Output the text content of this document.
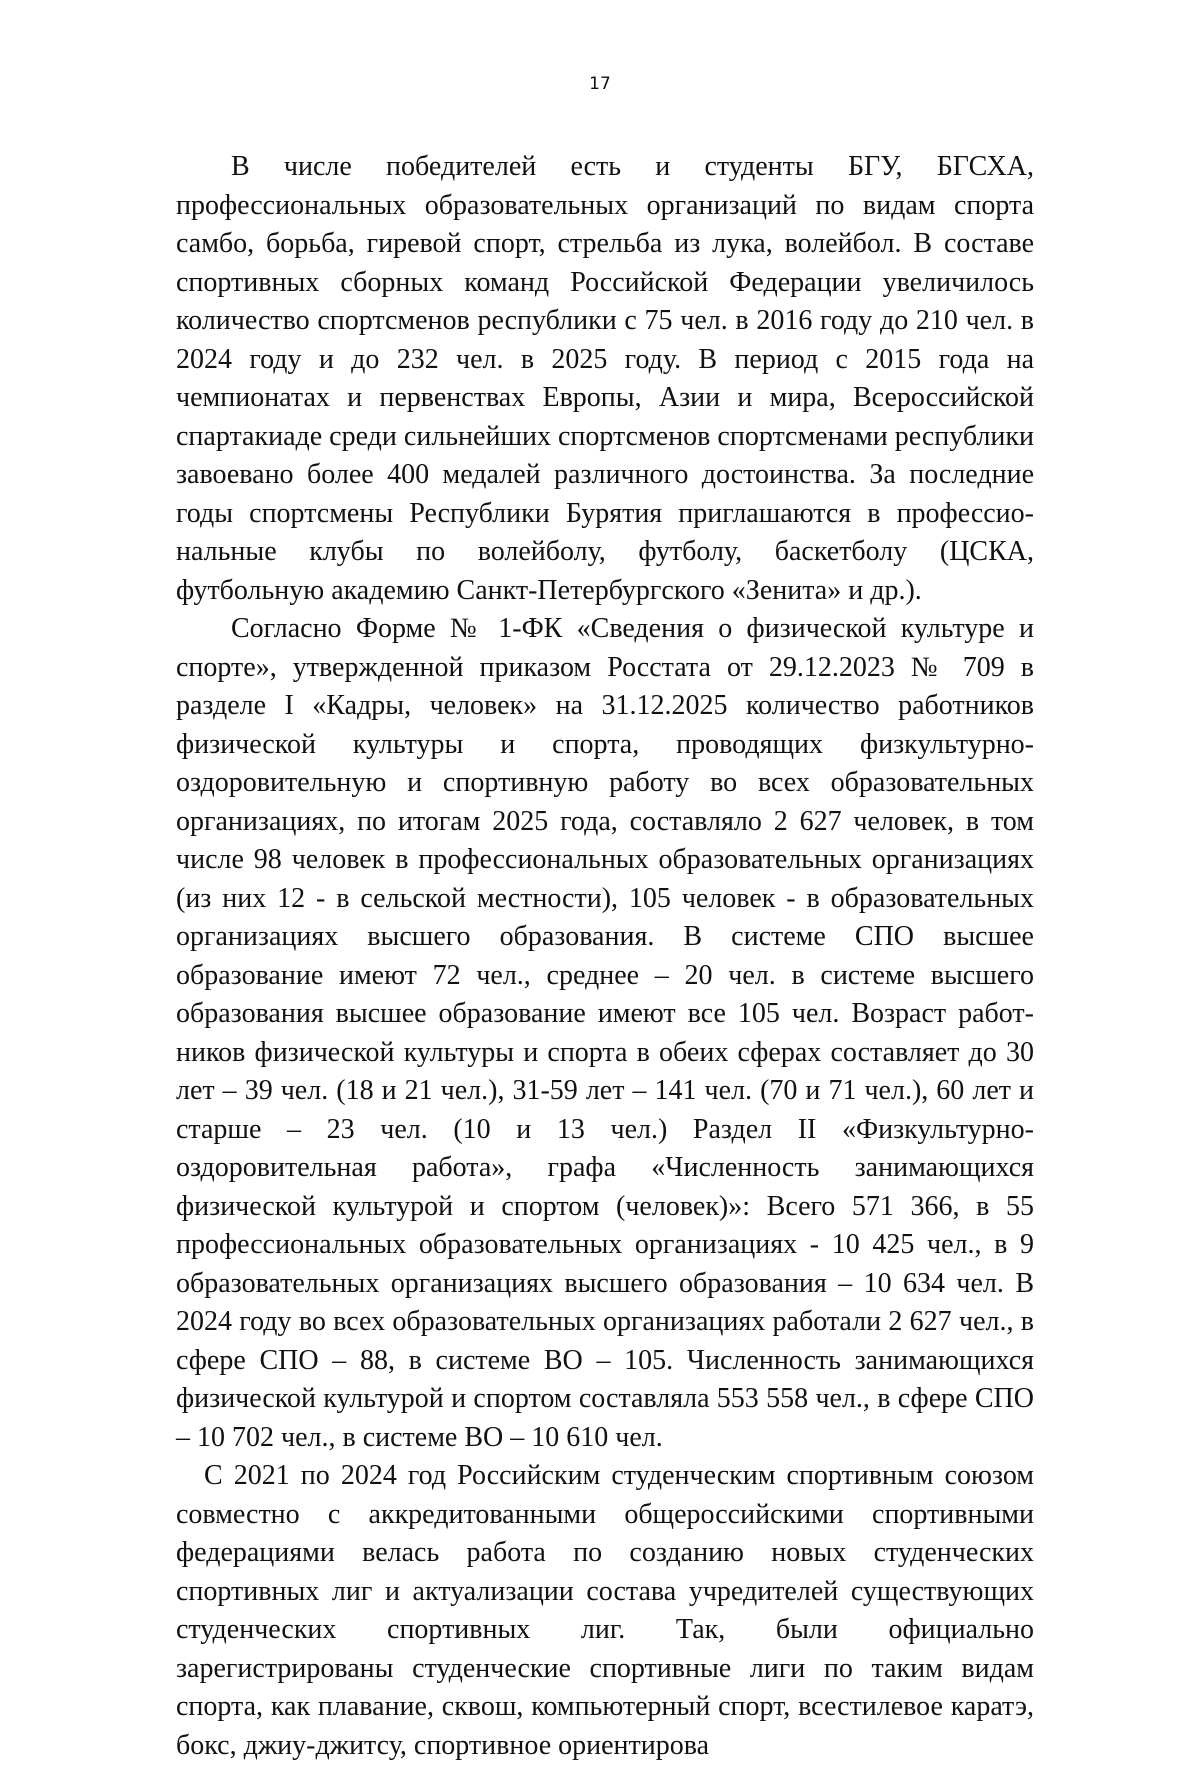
17

В числе победителей есть и студенты БГУ, БГСХА, профессиональных образовательных организаций по видам спорта самбо, борьба, гиревой спорт, стрельба из лука, волейбол. В составе спортивных сборных команд Российской Федерации увеличилось количество спортсменов республики с 75 чел. в 2016 году до 210 чел. в 2024 году и до 232 чел. в 2025 году. В период с 2015 года на чемпионатах и первенствах Европы, Азии и мира, Всероссийской спартакиаде среди сильнейших спортсменов спортсменами республики завоевано более 400 медалей различного достоинства. За последние годы спортсмены Республики Бурятия приглашаются в профессиональные клубы по волейболу, футболу, баскетболу (ЦСКА, футбольную академию Санкт-Петербургского «Зенита» и др.).

Согласно Форме № 1-ФК «Сведения о физической культуре и спорте», утвержденной приказом Росстата от 29.12.2023 № 709 в разделе I «Кадры, человек» на 31.12.2025 количество работников физической культуры и спорта, проводящих физкультурно-оздоровительную и спортивную работу во всех образовательных организациях, по итогам 2025 года, составляло 2 627 человек, в том числе 98 человек в профессиональных образовательных организациях (из них 12 - в сельской местности), 105 человек - в образовательных организациях высшего образования. В системе СПО высшее образование имеют 72 чел., среднее – 20 чел. в системе высшего образования высшее образование имеют все 105 чел. Возраст работников физической культуры и спорта в обеих сферах составляет до 30 лет – 39 чел. (18 и 21 чел.), 31-59 лет – 141 чел. (70 и 71 чел.), 60 лет и старше – 23 чел. (10 и 13 чел.) Раздел II «Физкультурно-оздоровительная работа», графа «Численность занимающихся физической культурой и спортом (человек)»: Всего 571 366, в 55 профессиональных образовательных организациях - 10 425 чел., в 9 образовательных организациях высшего образования – 10 634 чел. В 2024 году во всех образовательных организациях работали 2 627 чел., в сфере СПО – 88, в системе ВО – 105. Численность занимающихся физической культурой и спортом составляла 553 558 чел., в сфере СПО – 10 702 чел., в системе ВО – 10 610 чел.

С 2021 по 2024 год Российским студенческим спортивным союзом совместно с аккредитованными общероссийскими спортивными федерациями велась работа по созданию новых студенческих спортивных лиг и актуализации состава учредителей существующих студенческих спортивных лиг. Так, были официально зарегистрированы студенческие спортивные лиги по таким видам спорта, как плавание, сквош, компьютерный спорт, всестилевое каратэ, бокс, джиу-джитсу, спортивное ориентирова
